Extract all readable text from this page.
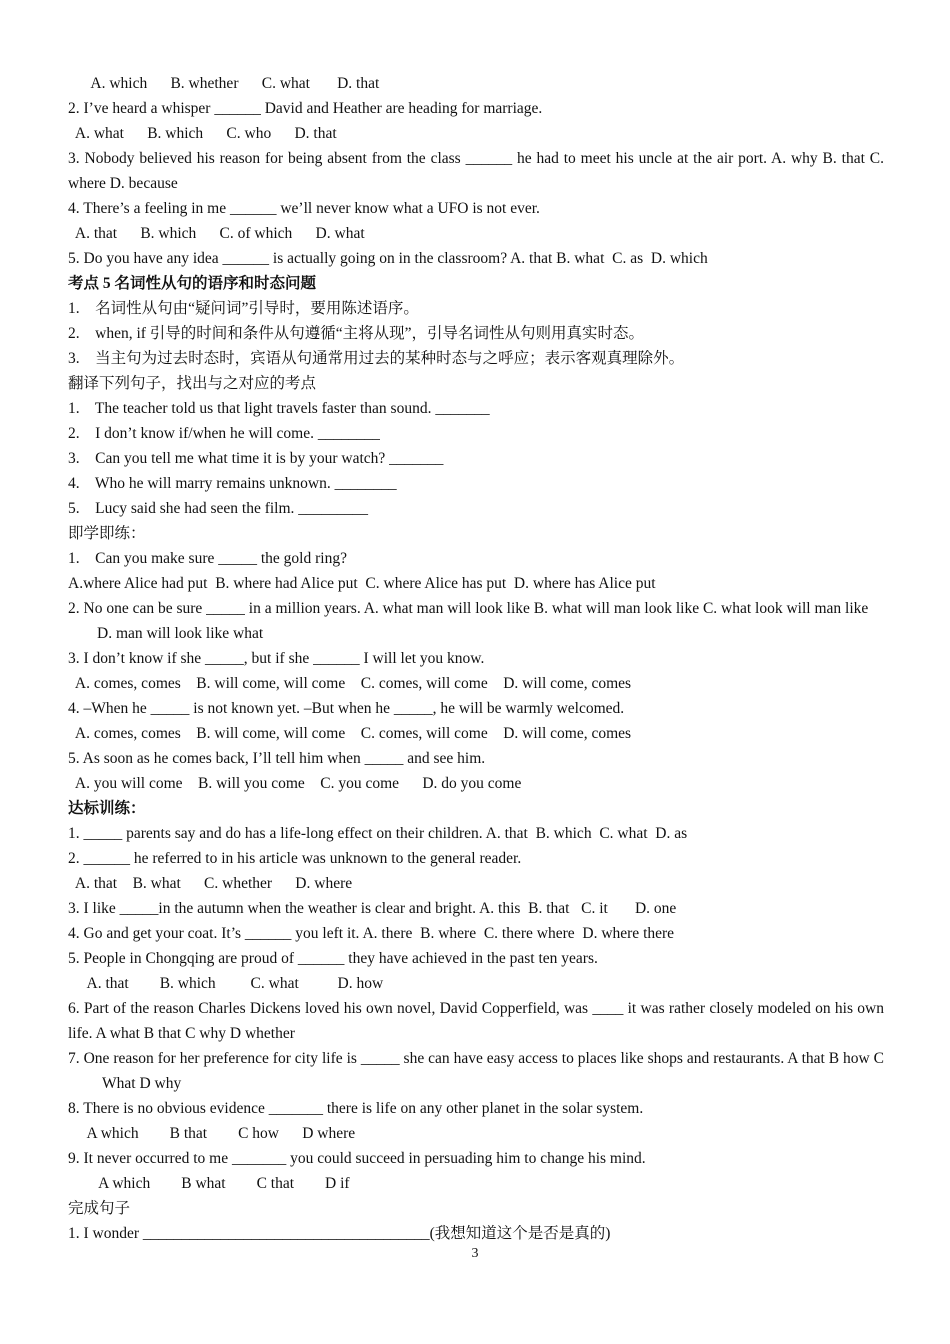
A. which      B. whether      C. what       D. that
2. I’ve heard a whisper ______ David and Heather are heading for marriage.
A. what      B. which      C. who      D. that
3. Nobody believed his reason for being absent from the class ______ he had to meet his uncle at the air port. A. why B. that C. where D. because
4. There’s a feeling in me ______ we’ll never know what a UFO is not ever.
A. that      B. which      C. of which      D. what
5. Do you have any idea ______ is actually going on in the classroom? A. that B. what  C. as  D. which
考点 5 名词性从句的语序和时态问题
1.    名词性从句由“疑问词”引导时，要用陈述语序。
2.    when, if 引导的时间和条件从句遵循“主将从现”，引导名词性从句则用真实时态。
3.    当主句为过去时态时，宾语从句通常用过去的某种时态与之呼应；表示客观真理除外。
翻译下列句子，找出与之对应的考点
1.    The teacher told us that light travels faster than sound. _______
2.    I don’t know if/when he will come. ________
3.    Can you tell me what time it is by your watch? _______
4.    Who he will marry remains unknown. ________
5.    Lucy said she had seen the film. _________
即学即练：
1.    Can you make sure _____ the gold ring?
A.where Alice had put  B. where had Alice put  C. where Alice has put  D. where has Alice put
2. No one can be sure _____ in a million years. A. what man will look like B. what will man look like C. what look will man like D. man will look like what
3. I don’t know if she _____, but if she ______ I will let you know.
A. comes, comes    B. will come, will come    C. comes, will come    D. will come, comes
4. –When he _____ is not known yet. –But when he _____, he will be warmly welcomed.
A. comes, comes    B. will come, will come    C. comes, will come    D. will come, comes
5. As soon as he comes back, I’ll tell him when _____ and see him.
A. you will come    B. will you come    C. you come      D. do you come
达标训练：
1. _____ parents say and do has a life-long effect on their children. A. that  B. which  C. what  D. as
2. ______ he referred to in his article was unknown to the general reader.
A. that    B. what      C. whether      D. where
3. I like _____in the autumn when the weather is clear and bright. A. this  B. that   C. it       D. one
4. Go and get your coat. It’s ______ you left it. A. there  B. where  C. there where  D. where there
5. People in Chongqing are proud of ______ they have achieved in the past ten years.
A. that        B. which         C. what          D. how
6. Part of the reason Charles Dickens loved his own novel, David Copperfield, was ____ it was rather closely modeled on his own life. A what B that C why D whether
7. One reason for her preference for city life is _____ she can have easy access to places like shops and restaurants. A that B how C What D why
8. There is no obvious evidence _______ there is life on any other planet in the solar system.
A which        B that        C how      D where
9. It never occurred to me _______ you could succeed in persuading him to change his mind.
A which        B what        C that        D if
完成句子
1. I wonder _____________________________________(我想知道这个是否是真的)
3
